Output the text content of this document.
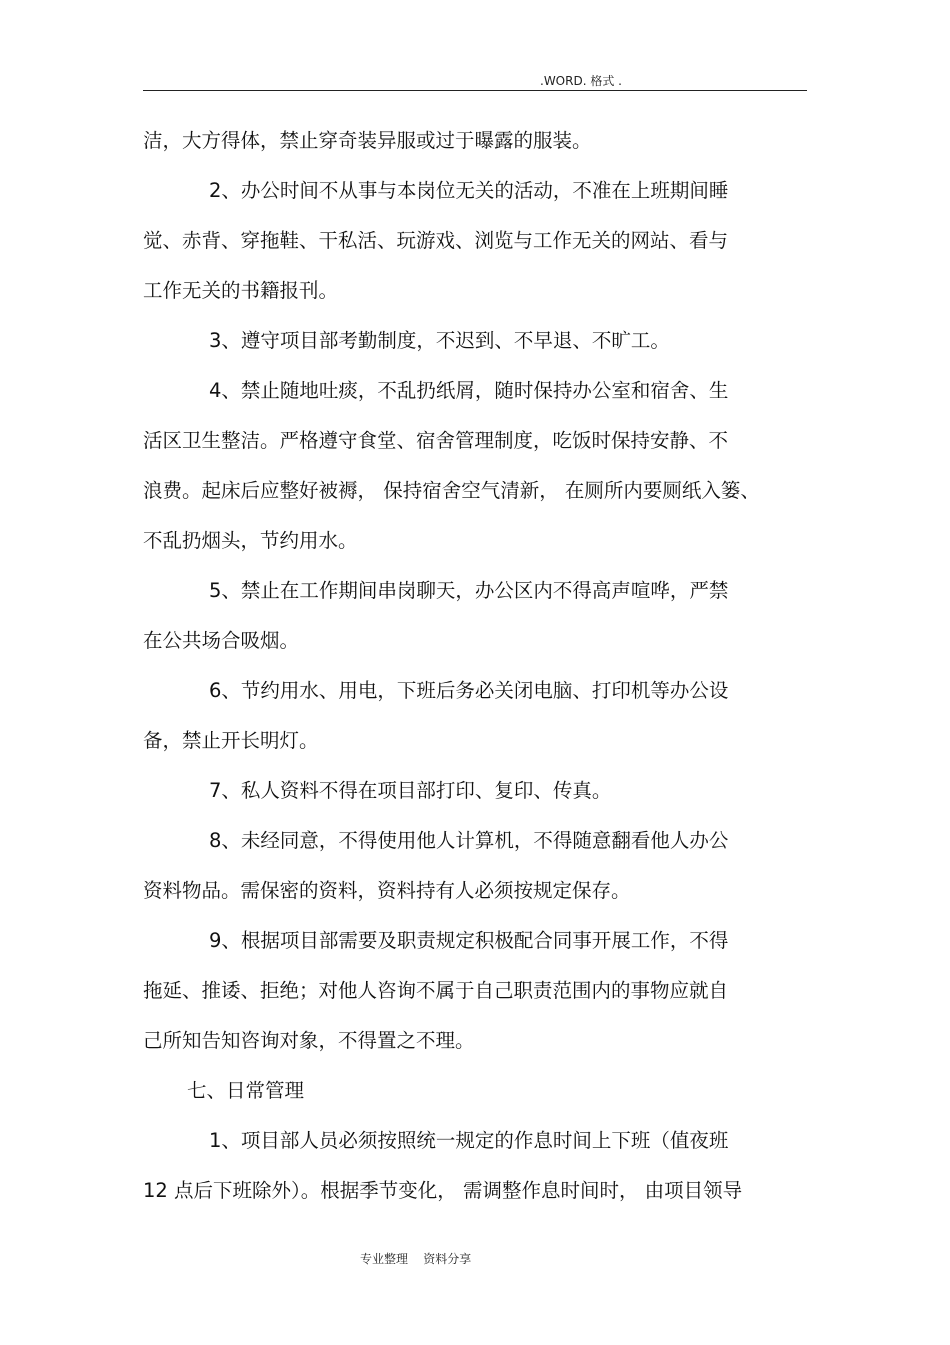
.WORD. 格式 .
洁，大方得体，禁止穿奇装异服或过于曝露的服装。
2、办公时间不从事与本岗位无关的活动，不准在上班期间睡
觉、赤背、穿拖鞋、干私活、玩游戏、浏览与工作无关的网站、看与
工作无关的书籍报刊。
3、遵守项目部考勤制度，不迟到、不早退、不旷工。
4、禁止随地吐痰，不乱扔纸屑，随时保持办公室和宿舍、生
活区卫生整洁。严格遵守食堂、宿舍管理制度，吃饭时保持安静、不
浪费。起床后应整好被褥， 保持宿舍空气清新， 在厕所内要厕纸入篓、
不乱扔烟头，节约用水。
5、禁止在工作期间串岗聊天，办公区内不得高声喧哗，严禁
在公共场合吸烟。
6、节约用水、用电，下班后务必关闭电脑、打印机等办公设
备，禁止开长明灯。
7、私人资料不得在项目部打印、复印、传真。
8、未经同意，不得使用他人计算机，不得随意翻看他人办公
资料物品。需保密的资料，资料持有人必须按规定保存。
9、根据项目部需要及职责规定积极配合同事开展工作，不得
拖延、推诿、拒绝；对他人咨询不属于自己职责范围内的事物应就自
己所知告知咨询对象，不得置之不理。
七、日常管理
1、项目部人员必须按照统一规定的作息时间上下班（值夜班
12 点后下班除外）。根据季节变化， 需调整作息时间时， 由项目领导
专业整理    资料分享
